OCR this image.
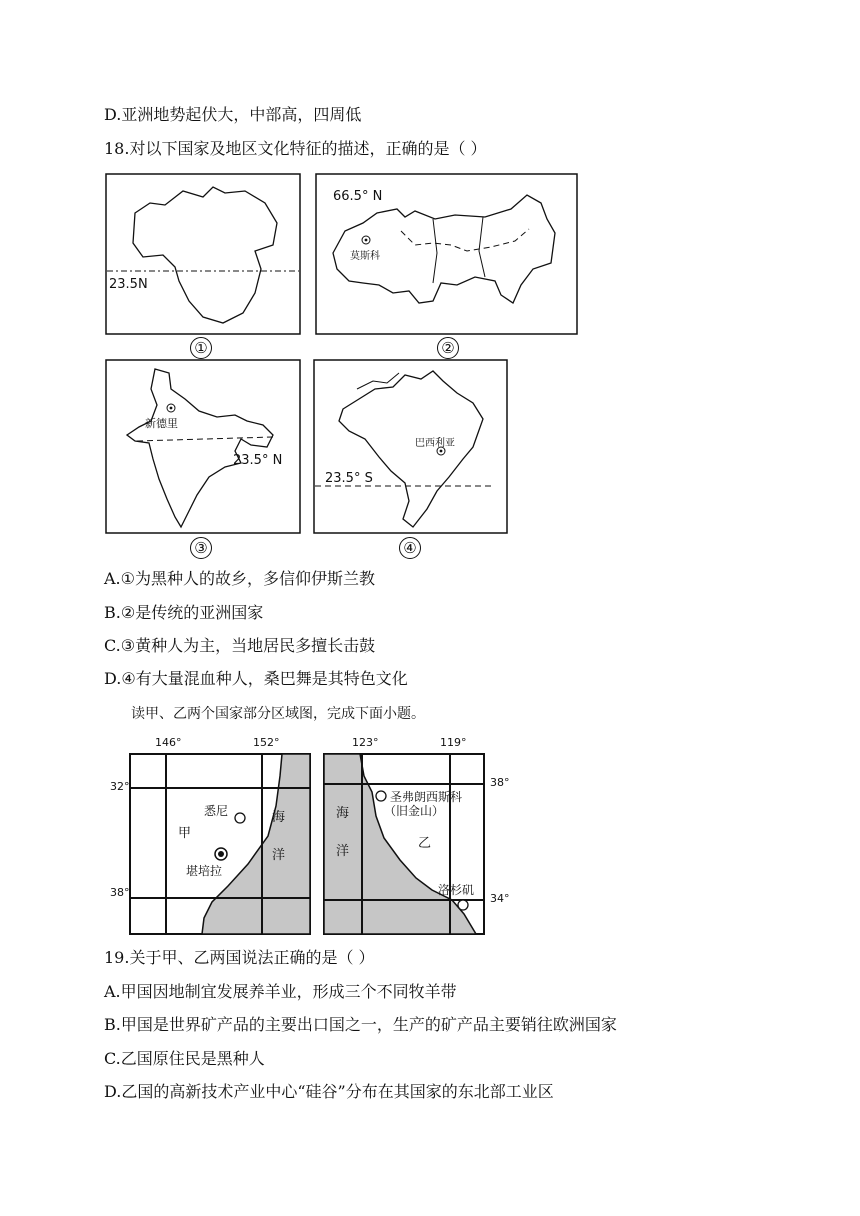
D.亚洲地势起伏大，中部高，四周低
18.对以下国家及地区文化特征的描述，正确的是（ ）
23.5N
①
66.5° N
莫斯科
②
新德里
23.5° N
③
巴西利亚
23.5° S
④
A.①为黑种人的故乡，多信仰伊斯兰教
B.②是传统的亚洲国家
C.③黄种人为主，当地居民多擅长击鼓
D.④有大量混血种人，桑巴舞是其特色文化
读甲、乙两个国家部分区域图，完成下面小题。
146°	152°
32°
38°
海
洋
甲
悉尼
堪培拉
123°	119°
38°
34°
海
洋
乙
圣弗朗西斯科
（旧金山）
洛杉矶
19.关于甲、乙两国说法正确的是（ ）
A.甲国因地制宜发展养羊业，形成三个不同牧羊带
B.甲国是世界矿产品的主要出口国之一，生产的矿产品主要销往欧洲国家
C.乙国原住民是黑种人
D.乙国的高新技术产业中心“硅谷”分布在其国家的东北部工业区
